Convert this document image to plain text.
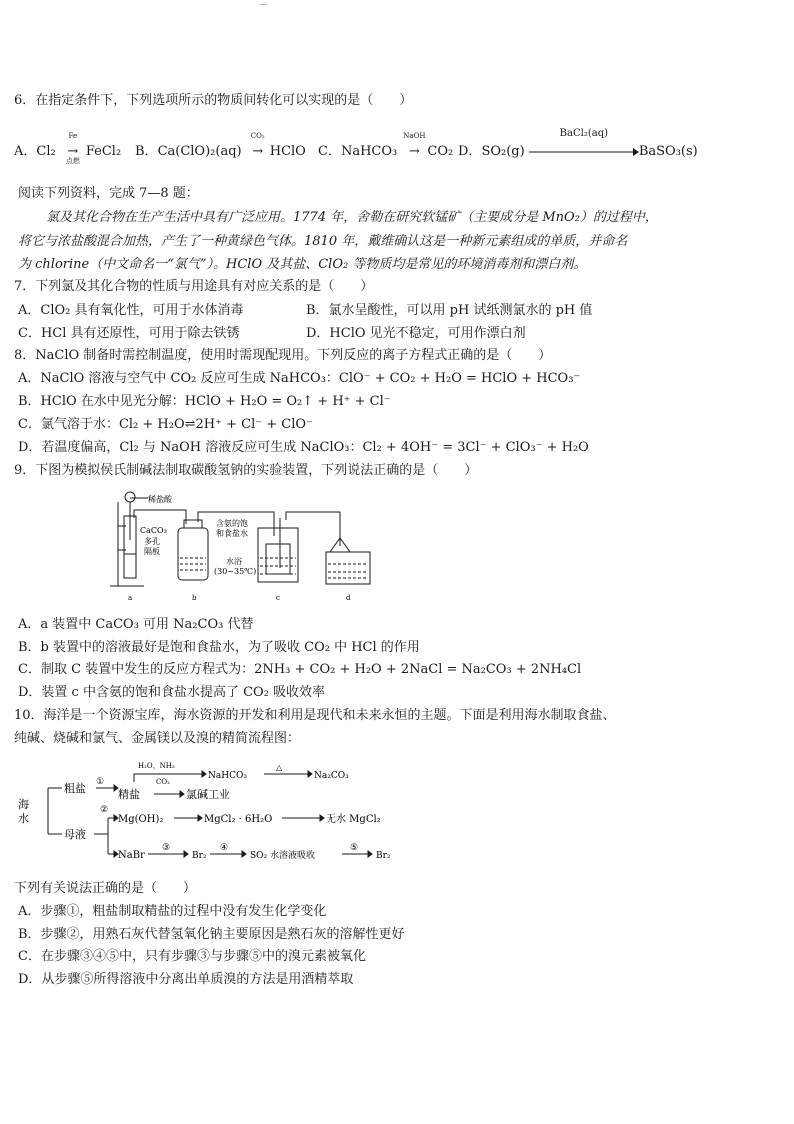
—
6．在指定条件下，下列选项所示的物质间转化可以实现的是（　　）
A．Cl₂
Fe
→
点燃
FeCl₂ B．Ca(ClO)₂(aq)
CO₂
→HClO C．NaHCO₃
NaOH
→CO₂ D．SO₂(g)
BaCl₂(aq)
BaSO₃(s)
阅读下列资料，完成 7—8 题：
氯及其化合物在生产生活中具有广泛应用。1774 年，舍勒在研究软锰矿（主要成分是 MnO₂）的过程中，
将它与浓盐酸混合加热，产生了一种黄绿色气体。1810 年，戴维确认这是一种新元素组成的单质，并命名
为 chlorine（中文命名一“氯气”）。HClO 及其盐、ClO₂ 等物质均是常见的环境消毒剂和漂白剂。
7．下列氯及其化合物的性质与用途具有对应关系的是（　　）
A．ClO₂ 具有氧化性，可用于水体消毒	B．氯水呈酸性，可以用 pH 试纸测氯水的 pH 值
C．HCl 具有还原性，可用于除去铁锈	D．HClO 见光不稳定，可用作漂白剂
8．NaClO 制备时需控制温度，使用时需现配现用。下列反应的离子方程式正确的是（　　）
A．NaClO 溶液与空气中 CO₂ 反应可生成 NaHCO₃：ClO⁻ + CO₂ + H₂O = HClO + HCO₃⁻
B．HClO 在水中见光分解：HClO + H₂O = O₂↑ + H⁺ + Cl⁻
C．氯气溶于水：Cl₂ + H₂O⇌2H⁺ + Cl⁻ + ClO⁻
D．若温度偏高，Cl₂ 与 NaOH 溶液反应可生成 NaClO₃：Cl₂ + 4OH⁻ = 3Cl⁻ + ClO₃⁻ + H₂O
9．下图为模拟侯氏制碱法制取碳酸氢钠的实验装置，下列说法正确的是（　　）
稀盐酸
CaCO₃
多孔
隔板
含氨的饱
和食盐水
水浴
(30~35℃)
a	b	c	d
A．a 装置中 CaCO₃ 可用 Na₂CO₃ 代替
B．b 装置中的溶液最好是饱和食盐水，为了吸收 CO₂ 中 HCl 的作用
C．制取 C 装置中发生的反应方程式为：2NH₃ + CO₂ + H₂O + 2NaCl = Na₂CO₃ + 2NH₄Cl
D．装置 c 中含氨的饱和食盐水提高了 CO₂ 吸收效率
10．海洋是一个资源宝库，海水资源的开发和利用是现代和未来永恒的主题。下面是利用海水制取食盐、
纯碱、烧碱和氯气、金属镁以及溴的精简流程图：
海
水
粗盐 ①
精盐
H₂O、NH₃
CO₂
NaHCO₃
△
Na₂CO₃
氯碱工业
母液
②
Mg(OH)₂	MgCl₂ · 6H₂O	无水 MgCl₂
NaBr
③
Br₂
④
SO₂ 水溶液吸收
⑤
Br₂
下列有关说法正确的是（　　）
A．步骤①，粗盐制取精盐的过程中没有发生化学变化
B．步骤②，用熟石灰代替氢氧化钠主要原因是熟石灰的溶解性更好
C．在步骤③④⑤中，只有步骤③与步骤⑤中的溴元素被氧化
D．从步骤⑤所得溶液中分离出单质溴的方法是用酒精萃取
